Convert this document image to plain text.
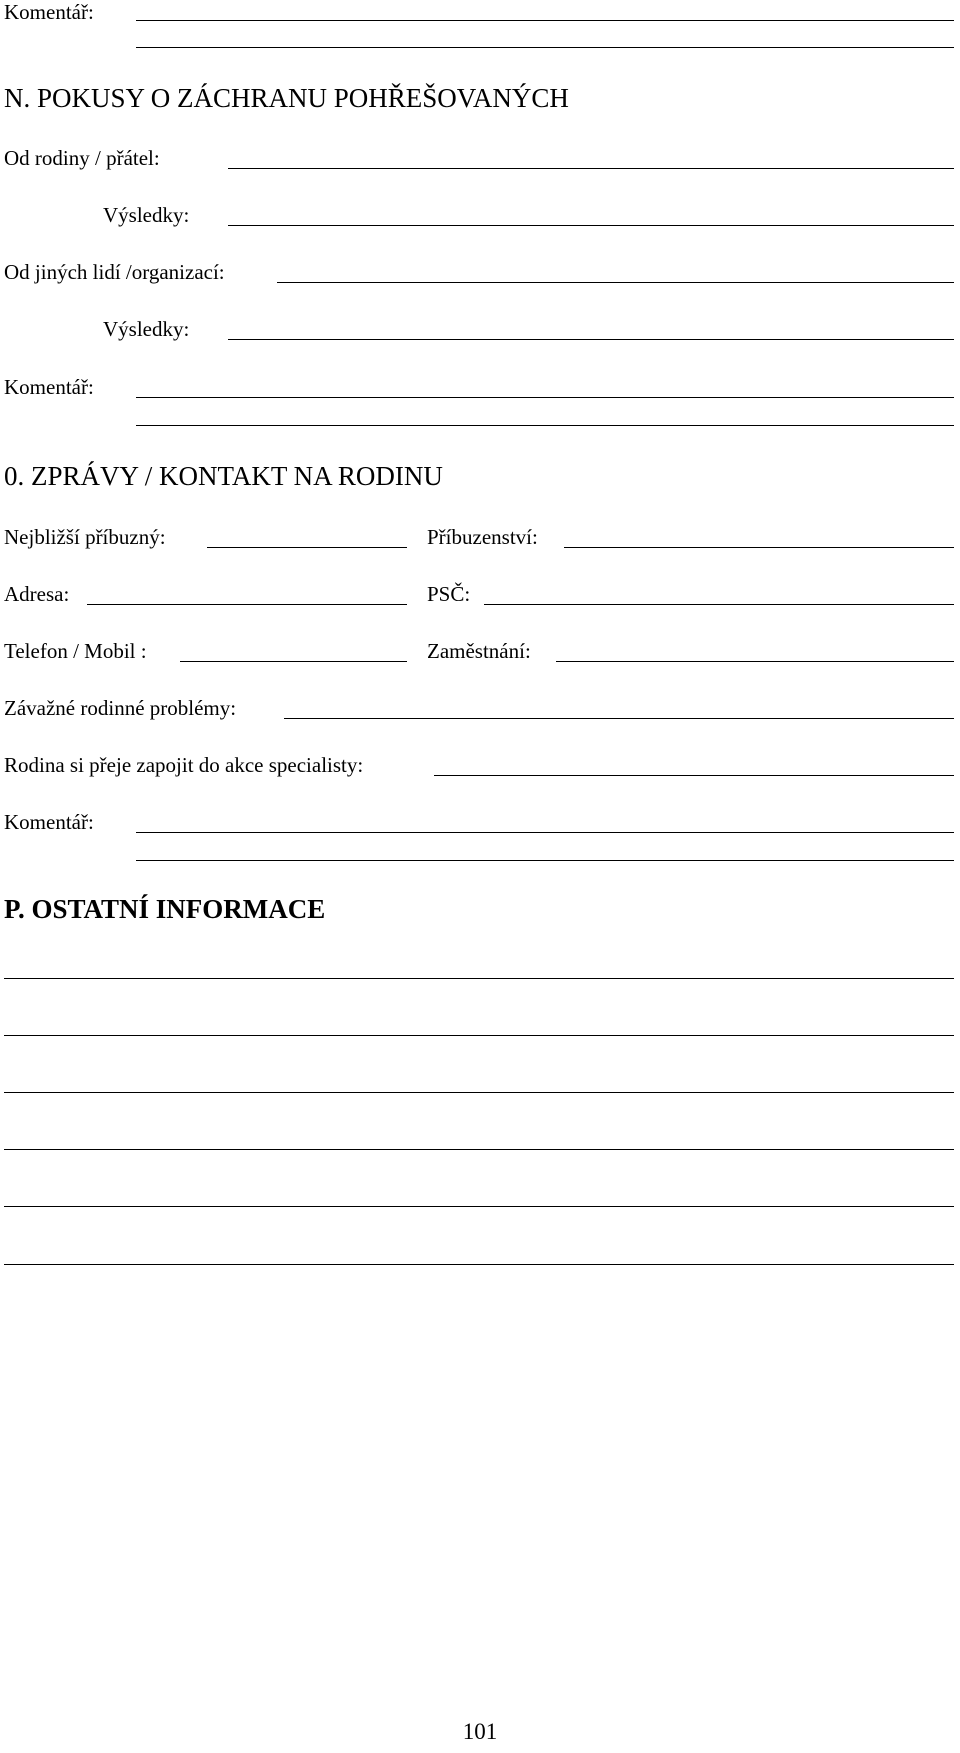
Komentář:
N. POKUSY O ZÁCHRANU POHŘEŠOVANÝCH
Od rodiny / přátel:
Výsledky:
Od jiných lidí /organizací:
Výsledky:
Komentář:
0. ZPRÁVY / KONTAKT NA RODINU
Nejbližší příbuzný:	Příbuzenství:
Adresa:	PSČ:
Telefon / Mobil :	Zaměstnání:
Závažné rodinné problémy:
Rodina si přeje zapojit do akce specialisty:
Komentář:
P. OSTATNÍ INFORMACE
101
